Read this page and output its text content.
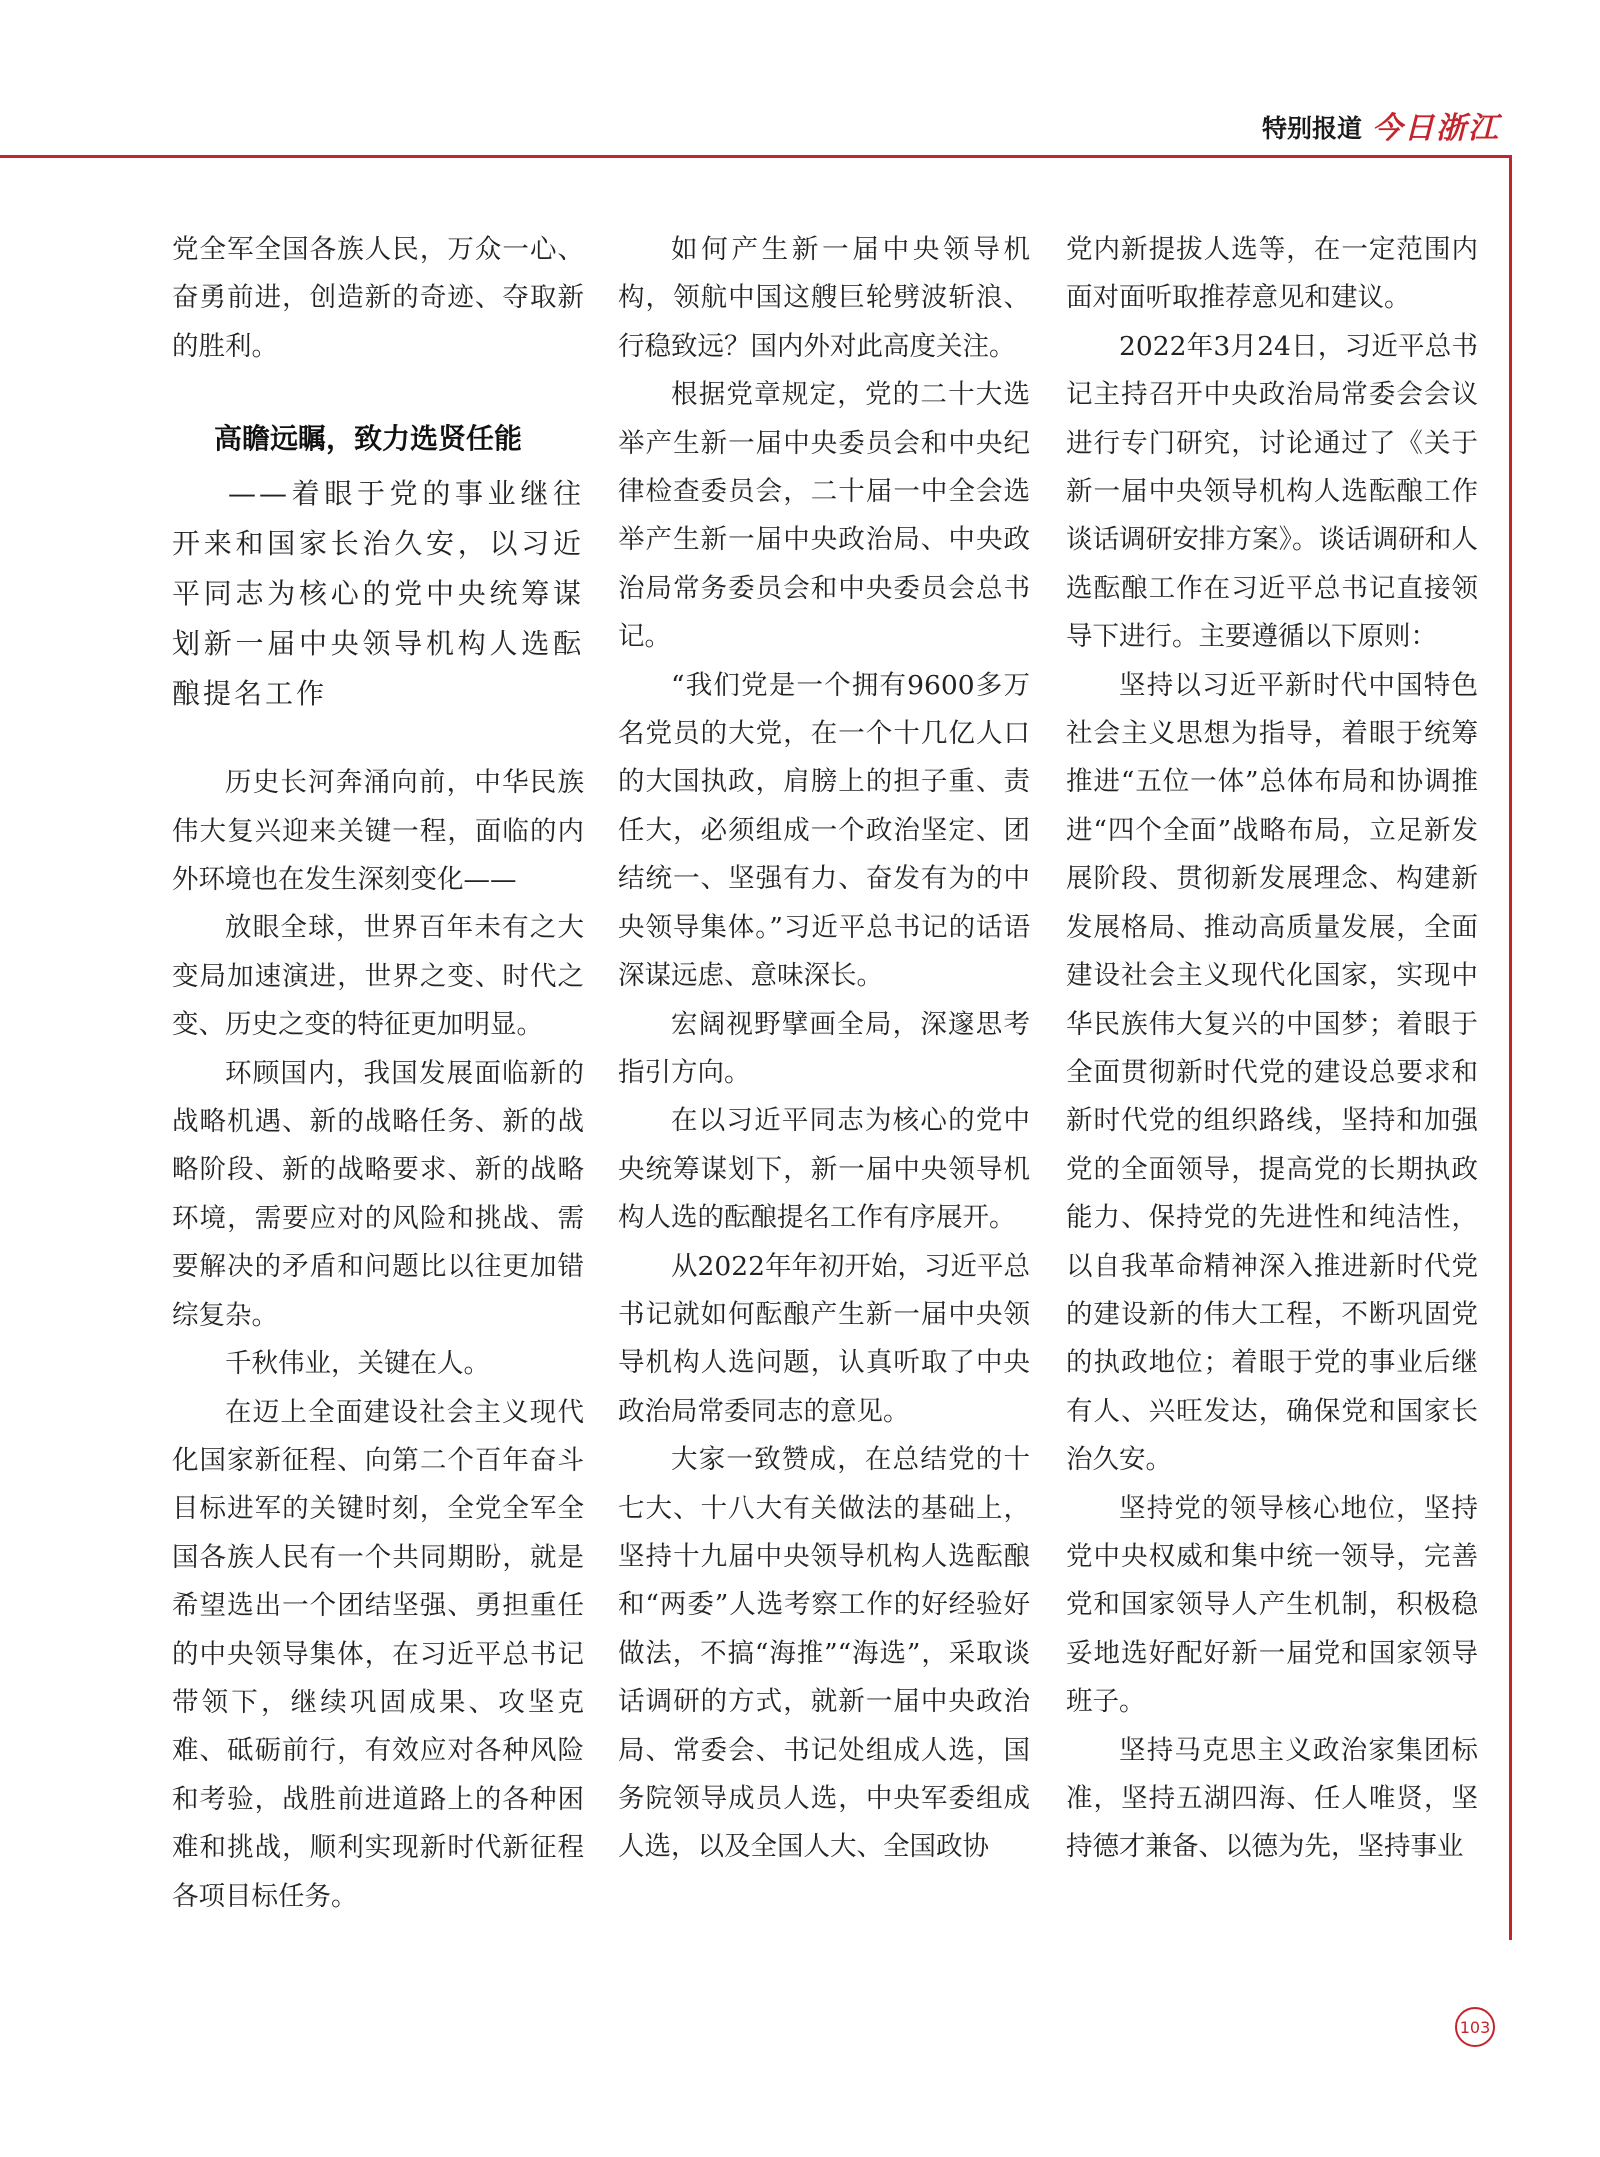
特别报道 今日浙江

党全军全国各族人民，万众一心、奋勇前进，创造新的奇迹、夺取新的胜利。

高瞻远瞩，致力选贤任能

——着眼于党的事业继往开来和国家长治久安，以习近平同志为核心的党中央统筹谋划新一届中央领导机构人选酝酿提名工作

历史长河奔涌向前，中华民族伟大复兴迎来关键一程，面临的内外环境也在发生深刻变化——

放眼全球，世界百年未有之大变局加速演进，世界之变、时代之变、历史之变的特征更加明显。

环顾国内，我国发展面临新的战略机遇、新的战略任务、新的战略阶段、新的战略要求、新的战略环境，需要应对的风险和挑战、需要解决的矛盾和问题比以往更加错综复杂。

千秋伟业，关键在人。

在迈上全面建设社会主义现代化国家新征程、向第二个百年奋斗目标进军的关键时刻，全党全军全国各族人民有一个共同期盼，就是希望选出一个团结坚强、勇担重任的中央领导集体，在习近平总书记带领下，继续巩固成果、攻坚克难、砥砺前行，有效应对各种风险和考验，战胜前进道路上的各种困难和挑战，顺利实现新时代新征程各项目标任务。

如何产生新一届中央领导机构，领航中国这艘巨轮劈波斩浪、行稳致远？国内外对此高度关注。

根据党章规定，党的二十大选举产生新一届中央委员会和中央纪律检查委员会，二十届一中全会选举产生新一届中央政治局、中央政治局常务委员会和中央委员会总书记。

“我们党是一个拥有9600多万名党员的大党，在一个十几亿人口的大国执政，肩膀上的担子重、责任大，必须组成一个政治坚定、团结统一、坚强有力、奋发有为的中央领导集体。”习近平总书记的话语深谋远虑、意味深长。

宏阔视野擘画全局，深邃思考指引方向。

在以习近平同志为核心的党中央统筹谋划下，新一届中央领导机构人选的酝酿提名工作有序展开。

从2022年年初开始，习近平总书记就如何酝酿产生新一届中央领导机构人选问题，认真听取了中央政治局常委同志的意见。

大家一致赞成，在总结党的十七大、十八大有关做法的基础上，坚持十九届中央领导机构人选酝酿和“两委”人选考察工作的好经验好做法，不搞“海推”“海选”，采取谈话调研的方式，就新一届中央政治局、常委会、书记处组成人选，国务院领导成员人选，中央军委组成人选，以及全国人大、全国政协

党内新提拔人选等，在一定范围内面对面听取推荐意见和建议。

2022年3月24日，习近平总书记主持召开中央政治局常委会会议进行专门研究，讨论通过了《关于新一届中央领导机构人选酝酿工作谈话调研安排方案》。谈话调研和人选酝酿工作在习近平总书记直接领导下进行。主要遵循以下原则：

坚持以习近平新时代中国特色社会主义思想为指导，着眼于统筹推进“五位一体”总体布局和协调推进“四个全面”战略布局，立足新发展阶段、贯彻新发展理念、构建新发展格局、推动高质量发展，全面建设社会主义现代化国家，实现中华民族伟大复兴的中国梦；着眼于全面贯彻新时代党的建设总要求和新时代党的组织路线，坚持和加强党的全面领导，提高党的长期执政能力、保持党的先进性和纯洁性，以自我革命精神深入推进新时代党的建设新的伟大工程，不断巩固党的执政地位；着眼于党的事业后继有人、兴旺发达，确保党和国家长治久安。

坚持党的领导核心地位，坚持党中央权威和集中统一领导，完善党和国家领导人产生机制，积极稳妥地选好配好新一届党和国家领导班子。

坚持马克思主义政治家集团标准，坚持五湖四海、任人唯贤，坚持德才兼备、以德为先，坚持事业

103
